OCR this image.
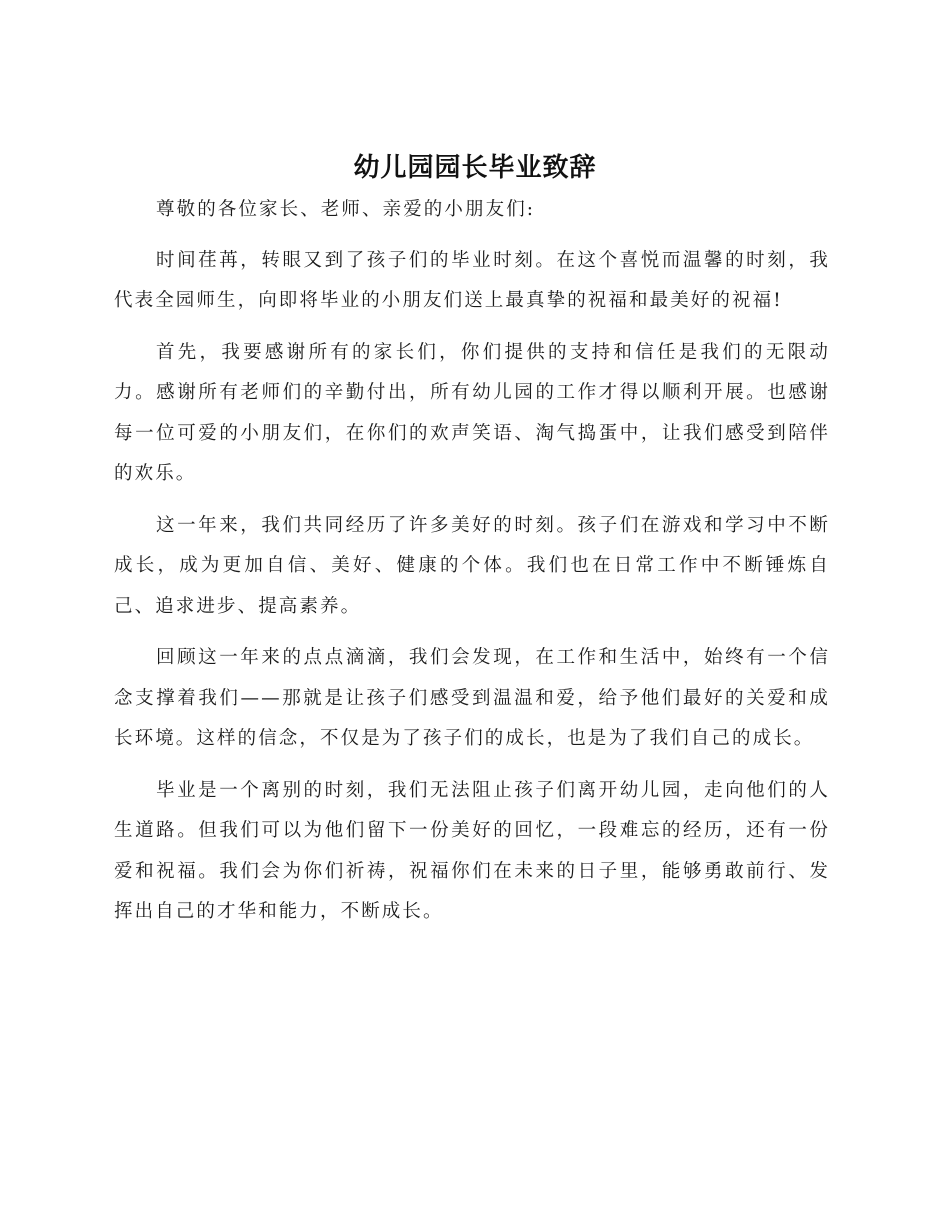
幼儿园园长毕业致辞

尊敬的各位家长、老师、亲爱的小朋友们:

时间荏苒，转眼又到了孩子们的毕业时刻。在这个喜悦而温馨的时刻，我代表全园师生，向即将毕业的小朋友们送上最真挚的祝福和最美好的祝福!

首先，我要感谢所有的家长们，你们提供的支持和信任是我们的无限动力。感谢所有老师们的辛勤付出，所有幼儿园的工作才得以顺利开展。也感谢每一位可爱的小朋友们，在你们的欢声笑语、淘气捣蛋中，让我们感受到陪伴的欢乐。

这一年来，我们共同经历了许多美好的时刻。孩子们在游戏和学习中不断成长，成为更加自信、美好、健康的个体。我们也在日常工作中不断锤炼自己、追求进步、提高素养。

回顾这一年来的点点滴滴，我们会发现，在工作和生活中，始终有一个信念支撑着我们——那就是让孩子们感受到温温和爱，给予他们最好的关爱和成长环境。这样的信念，不仅是为了孩子们的成长，也是为了我们自己的成长。

毕业是一个离别的时刻，我们无法阻止孩子们离开幼儿园，走向他们的人生道路。但我们可以为他们留下一份美好的回忆，一段难忘的经历，还有一份爱和祝福。我们会为你们祈祷，祝福你们在未来的日子里，能够勇敢前行、发挥出自己的才华和能力，不断成长。
